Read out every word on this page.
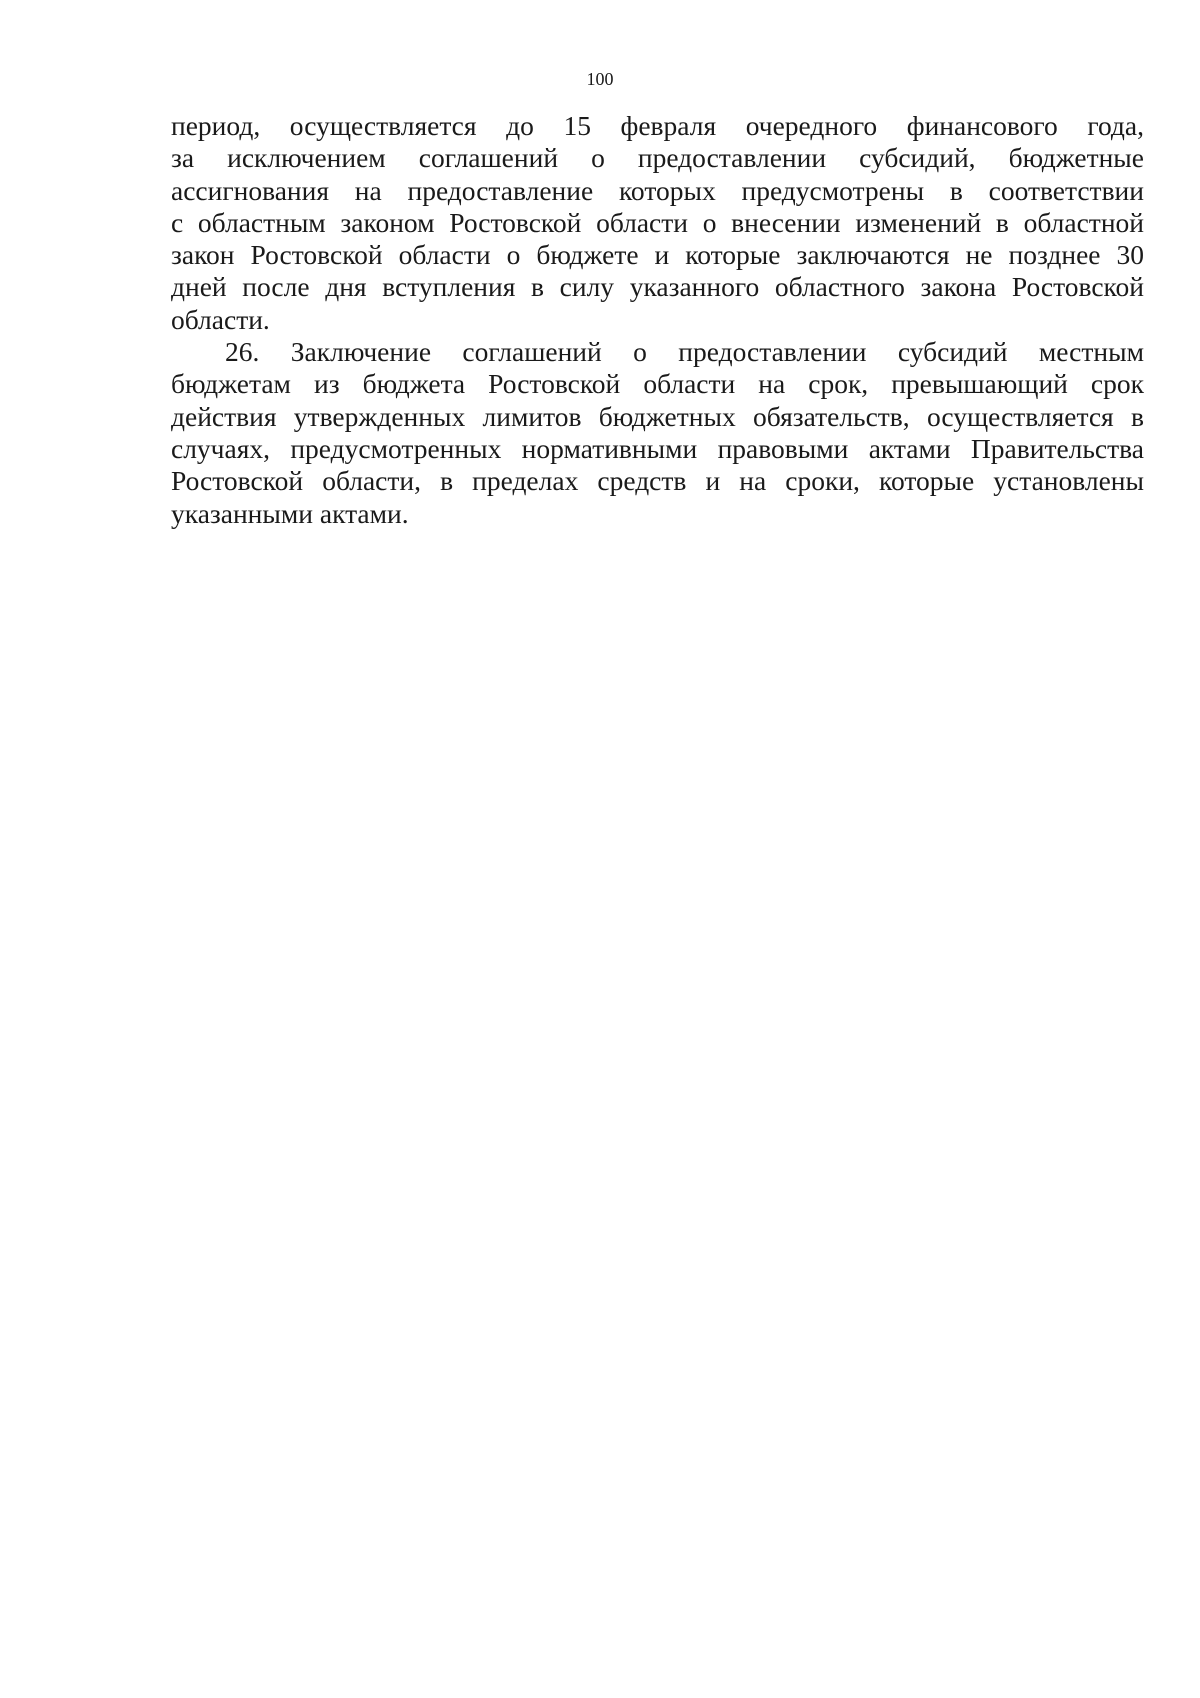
100

период, осуществляется до 15 февраля очередного финансового года,
за исключением соглашений о предоставлении субсидий, бюджетные
ассигнования на предоставление которых предусмотрены в соответствии
с областным законом Ростовской области о внесении изменений в областной
закон Ростовской области о бюджете и которые заключаются не позднее 30
дней после дня вступления в силу указанного областного закона Ростовской
области.

26. Заключение соглашений о предоставлении субсидий местным
бюджетам из бюджета Ростовской области на срок, превышающий срок
действия утвержденных лимитов бюджетных обязательств, осуществляется в
случаях, предусмотренных нормативными правовыми актами Правительства
Ростовской области, в пределах средств и на сроки, которые установлены
указанными актами.
